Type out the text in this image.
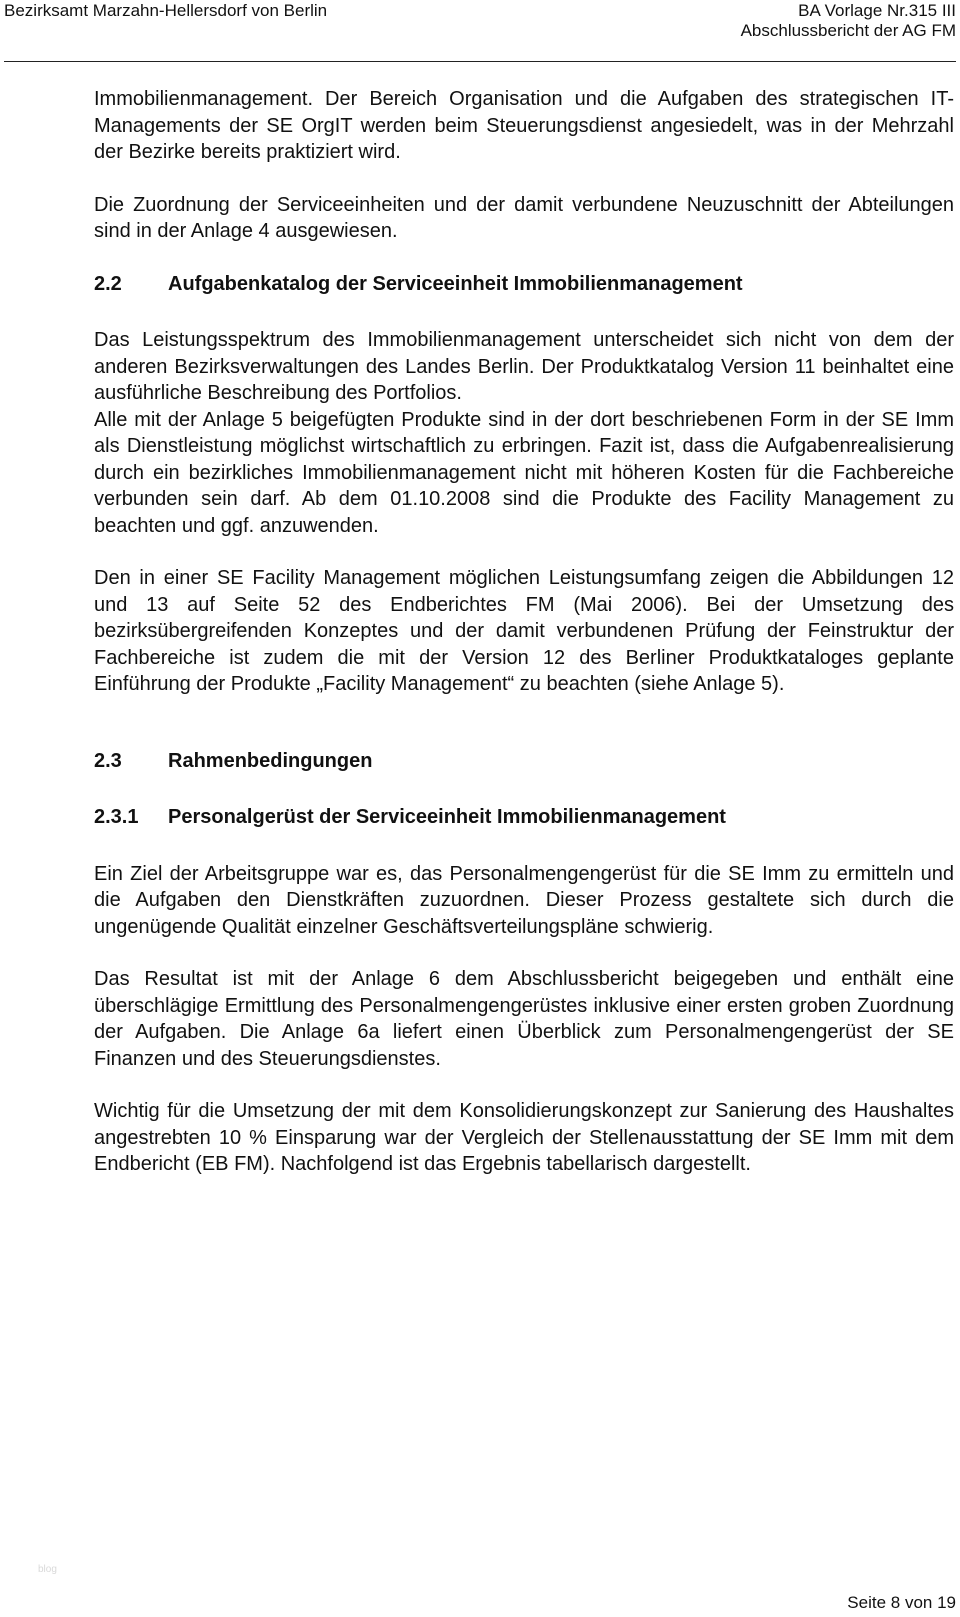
Bezirksamt Marzahn-Hellersdorf von Berlin	BA Vorlage Nr.315 III
Abschlussbericht der AG FM

Immobilienmanagement. Der Bereich Organisation und die Aufgaben des strategischen IT-Managements der SE OrgIT werden beim Steuerungsdienst angesiedelt, was in der Mehrzahl der Bezirke bereits praktiziert wird.

Die Zuordnung der Serviceeinheiten und der damit verbundene Neuzuschnitt der Abteilungen sind in der Anlage 4 ausgewiesen.

2.2	Aufgabenkatalog der Serviceeinheit Immobilienmanagement

Das Leistungsspektrum des Immobilienmanagement unterscheidet sich nicht von dem der anderen Bezirksverwaltungen des Landes Berlin. Der Produktkatalog Version 11 beinhaltet eine ausführliche Beschreibung des Portfolios.

Alle mit der Anlage 5 beigefügten Produkte sind in der dort beschriebenen Form in der SE Imm als Dienstleistung möglichst wirtschaftlich zu erbringen. Fazit ist, dass die Aufgabenrealisierung durch ein bezirkliches Immobilienmanagement nicht mit höheren Kosten für die Fachbereiche verbunden sein darf. Ab dem 01.10.2008 sind die Produkte des Facility Management zu beachten und ggf. anzuwenden.

Den in einer SE Facility Management möglichen Leistungsumfang zeigen die Abbildungen 12 und 13 auf Seite 52 des Endberichtes FM (Mai 2006). Bei der Umsetzung des bezirksübergreifenden Konzeptes und der damit verbundenen Prüfung der Feinstruktur der Fachbereiche ist zudem die mit der Version 12 des Berliner Produktkataloges geplante Einführung der Produkte „Facility Management“ zu beachten (siehe Anlage 5).

2.3	Rahmenbedingungen
2.3.1	Personalgerüst der Serviceeinheit Immobilienmanagement

Ein Ziel der Arbeitsgruppe war es, das Personalmengengerüst für die SE Imm zu ermitteln und die Aufgaben den Dienstkräften zuzuordnen. Dieser Prozess gestaltete sich durch die ungenügende Qualität einzelner Geschäftsverteilungspläne schwierig.

Das Resultat ist mit der Anlage 6 dem Abschlussbericht beigegeben und enthält eine überschlägige Ermittlung des Personalmengengerüstes inklusive einer ersten groben Zuordnung der Aufgaben. Die Anlage 6a liefert einen Überblick zum Personalmengengerüst der SE Finanzen und des Steuerungsdienstes.

Wichtig für die Umsetzung der mit dem Konsolidierungskonzept zur Sanierung des Haushaltes angestrebten 10 % Einsparung war der Vergleich der Stellenausstattung der SE Imm mit dem Endbericht (EB FM). Nachfolgend ist das Ergebnis tabellarisch dargestellt.

blog
Seite 8 von 19
